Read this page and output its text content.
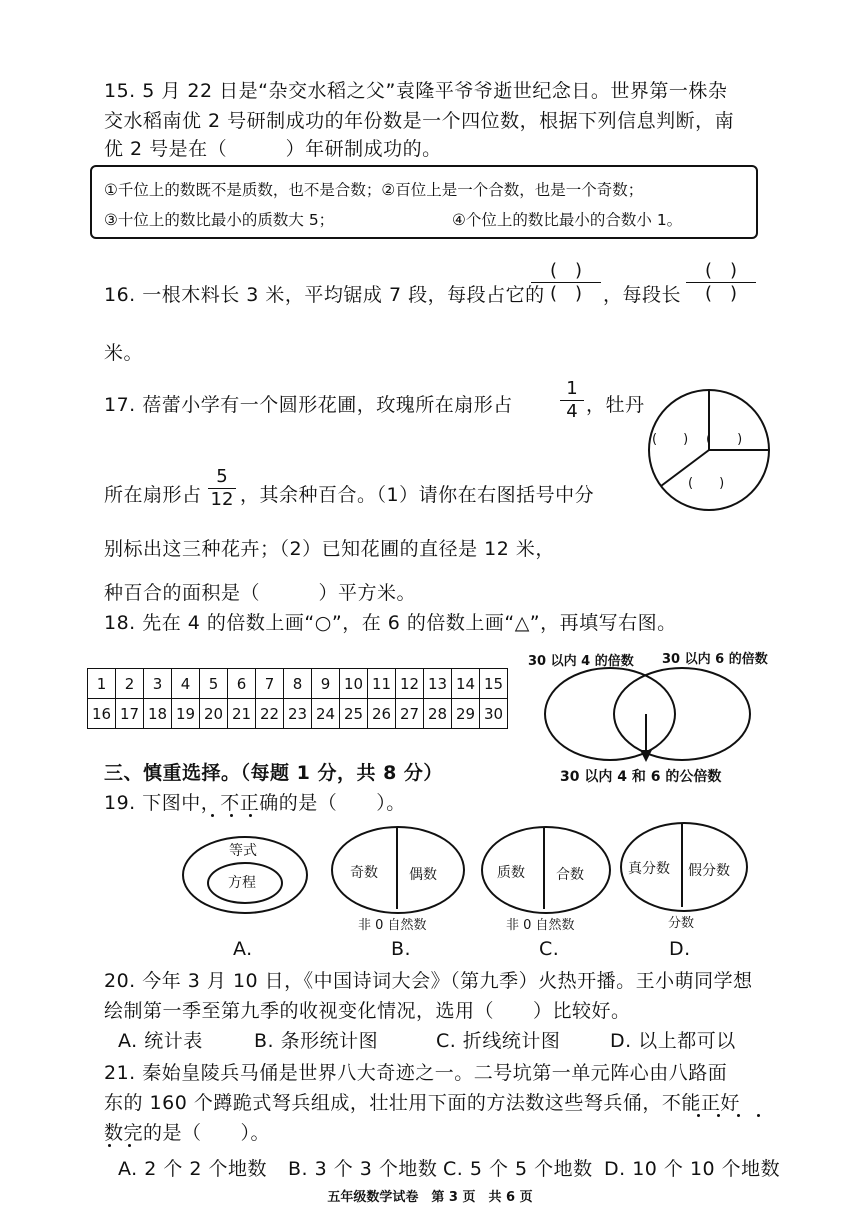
15. 5 月 22 日是“杂交水稻之父”袁隆平爷爷逝世纪念日。世界第一株杂
交水稻南优 2 号研制成功的年份数是一个四位数，根据下列信息判断，南
优 2 号是在（　　　）年研制成功的。
①千位上的数既不是质数，也不是合数；②百位上是一个合数，也是一个奇数；
③十位上的数比最小的质数大 5；	④个位上的数比最小的合数小 1。
16. 一根木料长 3 米，平均锯成 7 段，每段占它的
(　)
(　)	，每段长
(　)
(　)
米。
17. 蓓蕾小学有一个圆形花圃，玫瑰所在扇形占	$\frac{1}{4}$ ，牡丹
所在扇形占 $\frac{5}{12}$ ，其余种百合。（1）请你在右图括号中分
别标出这三种花卉；（2）已知花圃的直径是 12 米，
种百合的面积是（　　　）平方米。
(　　) (　　)
(　　)
18. 先在 4 的倍数上画“○”，在 6 的倍数上画“△”，再填写右图。
1	2	3	4	5	6	7	8	9	10	11	12	13	14	15
16	17	18	19	20	21	22	23	24	25	26	27	28	29	30
30 以内 4 的倍数 30 以内 6 的倍数
30 以内 4 和 6 的公倍数
三、慎重选择。（每题 1 分，共 8 分）
19. 下图中，不正确的是（　　）。
等式
方程
A.
奇数 偶数
非 0 自然数
B.
质数 合数
非 0 自然数
C.
真分数 假分数
分数
D.
20. 今年 3 月 10 日，《中国诗词大会》（第九季）火热开播。王小萌同学想
绘制第一季至第九季的收视变化情况，选用（　　）比较好。
A. 统计表	B. 条形统计图	C. 折线统计图	D. 以上都可以
21. 秦始皇陵兵马俑是世界八大奇迹之一。二号坑第一单元阵心由八路面
东的 160 个蹲跪式弩兵组成，壮壮用下面的方法数这些弩兵俑，不能正好
数完的是（　　）。
A. 2 个 2 个地数 B. 3 个 3 个地数 C. 5 个 5 个地数 D. 10 个 10 个地数
五年级数学试卷　第 3 页　共 6 页
